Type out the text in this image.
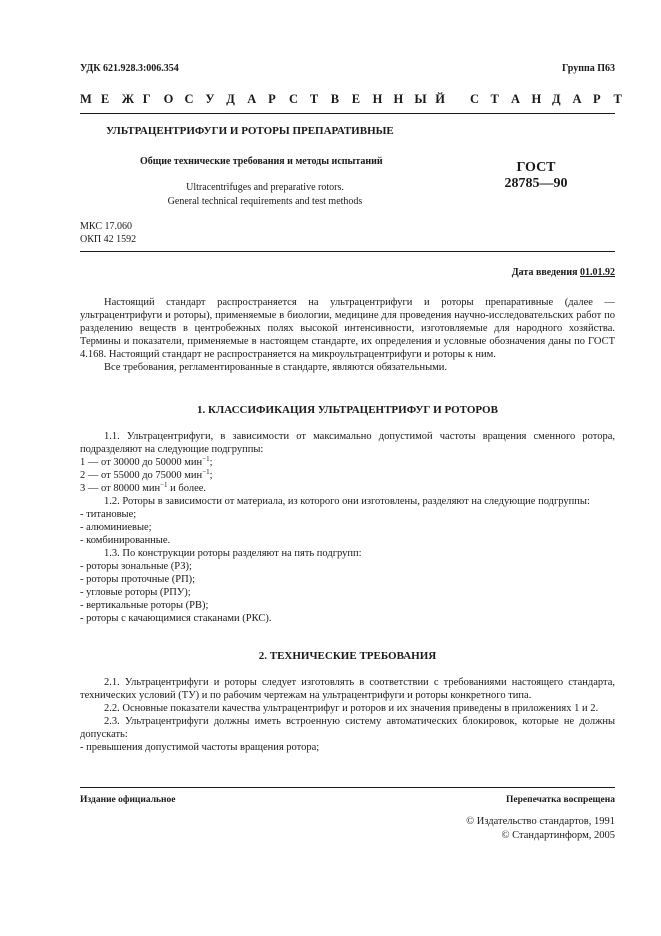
УДК 621.928.3:006.354	Группа П63
М Е Ж Г О С У Д А Р С Т В Е Н Н Ы Й С Т А Н Д А Р Т
УЛЬТРАЦЕНТРИФУГИ И РОТОРЫ ПРЕПАРАТИВНЫЕ
Общие технические требования и методы испытаний
Ultracentrifuges and preparative rotors.
General technical requirements and test methods
ГОСТ
28785—90
МКС 17.060
ОКП 42 1592
Дата введения 01.01.92

Настоящий стандарт распространяется на ультрацентрифуги и роторы препаративные (далее — ультрацентрифуги и роторы), применяемые в биологии, медицине для проведения научно-исследовательских работ по разделению веществ в центробежных полях высокой интенсивности, изготовляемые для народного хозяйства. Термины и показатели, применяемые в настоящем стандарте, их определения и условные обозначения даны по ГОСТ 4.168. Настоящий стандарт не распространяется на микроультрацентрифуги и роторы к ним.

Все требования, регламентированные в стандарте, являются обязательными.

1. КЛАССИФИКАЦИЯ УЛЬТРАЦЕНТРИФУГ И РОТОРОВ

1.1. Ультрацентрифуги, в зависимости от максимально допустимой частоты вращения сменного ротора, подразделяют на следующие подгруппы:

1 — от 30000 до 50000 мин$^{-1}$;

2 — от 55000 до 75000 мин$^{-1}$;

3 — от 80000 мин$^{-1}$ и более.

1.2. Роторы в зависимости от материала, из которого они изготовлены, разделяют на следующие подгруппы:

- титановые;

- алюминиевые;

- комбинированные.

1.3. По конструкции роторы разделяют на пять подгрупп:

- роторы зональные (РЗ);

- роторы проточные (РП);

- угловые роторы (РПУ);

- вертикальные роторы (РВ);

- роторы с качающимися стаканами (РКС).

2. ТЕХНИЧЕСКИЕ ТРЕБОВАНИЯ

2.1. Ультрацентрифуги и роторы следует изготовлять в соответствии с требованиями настоящего стандарта, технических условий (ТУ) и по рабочим чертежам на ультрацентрифуги и роторы конкретного типа.

2.2. Основные показатели качества ультрацентрифуг и роторов и их значения приведены в приложениях 1 и 2.

2.3. Ультрацентрифуги должны иметь встроенную систему автоматических блокировок, которые не должны допускать:

- превышения допустимой частоты вращения ротора;

Издание официальное	Перепечатка воспрещена
© Издательство стандартов, 1991
© Стандартинформ, 2005
